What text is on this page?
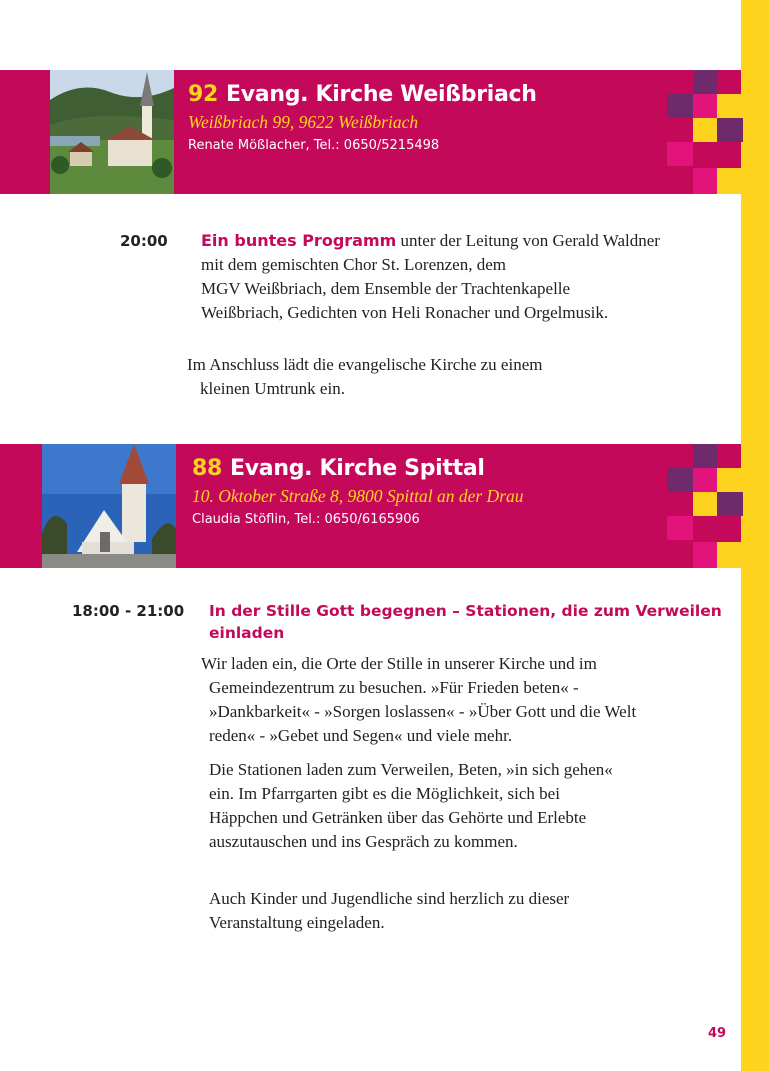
92 Evang. Kirche Weißbriach
Weißbriach 99, 9622 Weißbriach
Renate Mößlacher, Tel.: 0650/5215498
20:00 Ein buntes Programm unter der Leitung von Gerald Waldner

mit dem gemischten Chor St. Lorenzen, dem

MGV Weißbriach, dem Ensemble der Trachtenkapelle

Weißbriach, Gedichten von Heli Ronacher und Orgelmusik.

Im Anschluss lädt die evangelische Kirche zu einem

kleinen Umtrunk ein.

88 Evang. Kirche Spittal
10. Oktober Straße 8, 9800 Spittal an der Drau
Claudia Stöflin, Tel.: 0650/6165906
18:00 - 21:00 In der Stille Gott begegnen – Stationen, die zum Verweilen

einladen

Wir laden ein, die Orte der Stille in unserer Kirche und im

Gemeindezentrum zu besuchen. »Für Frieden beten« -

»Dankbarkeit« - »Sorgen loslassen« - »Über Gott und die Welt

reden« - »Gebet und Segen« und viele mehr.

Die Stationen laden zum Verweilen, Beten, »in sich gehen«

ein. Im Pfarrgarten gibt es die Möglichkeit, sich bei

Häppchen und Getränken über das Gehörte und Erlebte

auszutauschen und ins Gespräch zu kommen.

Auch Kinder und Jugendliche sind herzlich zu dieser

Veranstaltung eingeladen.

49
